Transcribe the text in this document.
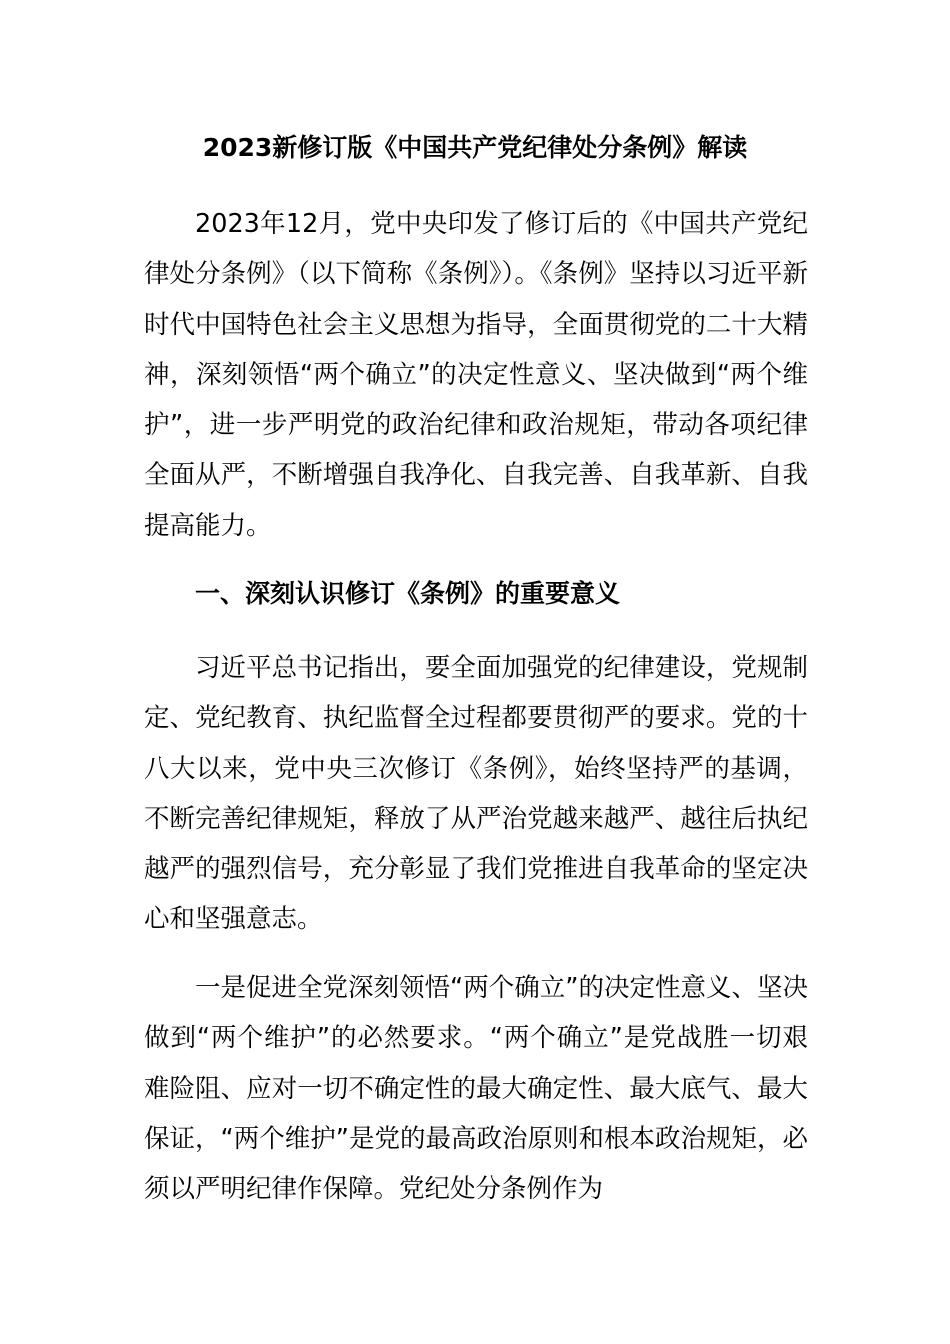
2023新修订版《中国共产党纪律处分条例》解读

2023年12月，党中央印发了修订后的《中国共产党纪律处分条例》（以下简称《条例》）。《条例》坚持以习近平新时代中国特色社会主义思想为指导，全面贯彻党的二十大精神，深刻领悟“两个确立”的决定性意义、坚决做到“两个维护”，进一步严明党的政治纪律和政治规矩，带动各项纪律全面从严，不断增强自我净化、自我完善、自我革新、自我提高能力。

一、深刻认识修订《条例》的重要意义

习近平总书记指出，要全面加强党的纪律建设，党规制定、党纪教育、执纪监督全过程都要贯彻严的要求。党的十八大以来，党中央三次修订《条例》，始终坚持严的基调，不断完善纪律规矩，释放了从严治党越来越严、越往后执纪越严的强烈信号，充分彰显了我们党推进自我革命的坚定决心和坚强意志。

一是促进全党深刻领悟“两个确立”的决定性意义、坚决做到“两个维护”的必然要求。“两个确立”是党战胜一切艰难险阻、应对一切不确定性的最大确定性、最大底气、最大保证，“两个维护”是党的最高政治原则和根本政治规矩，必须以严明纪律作保障。党纪处分条例作为
